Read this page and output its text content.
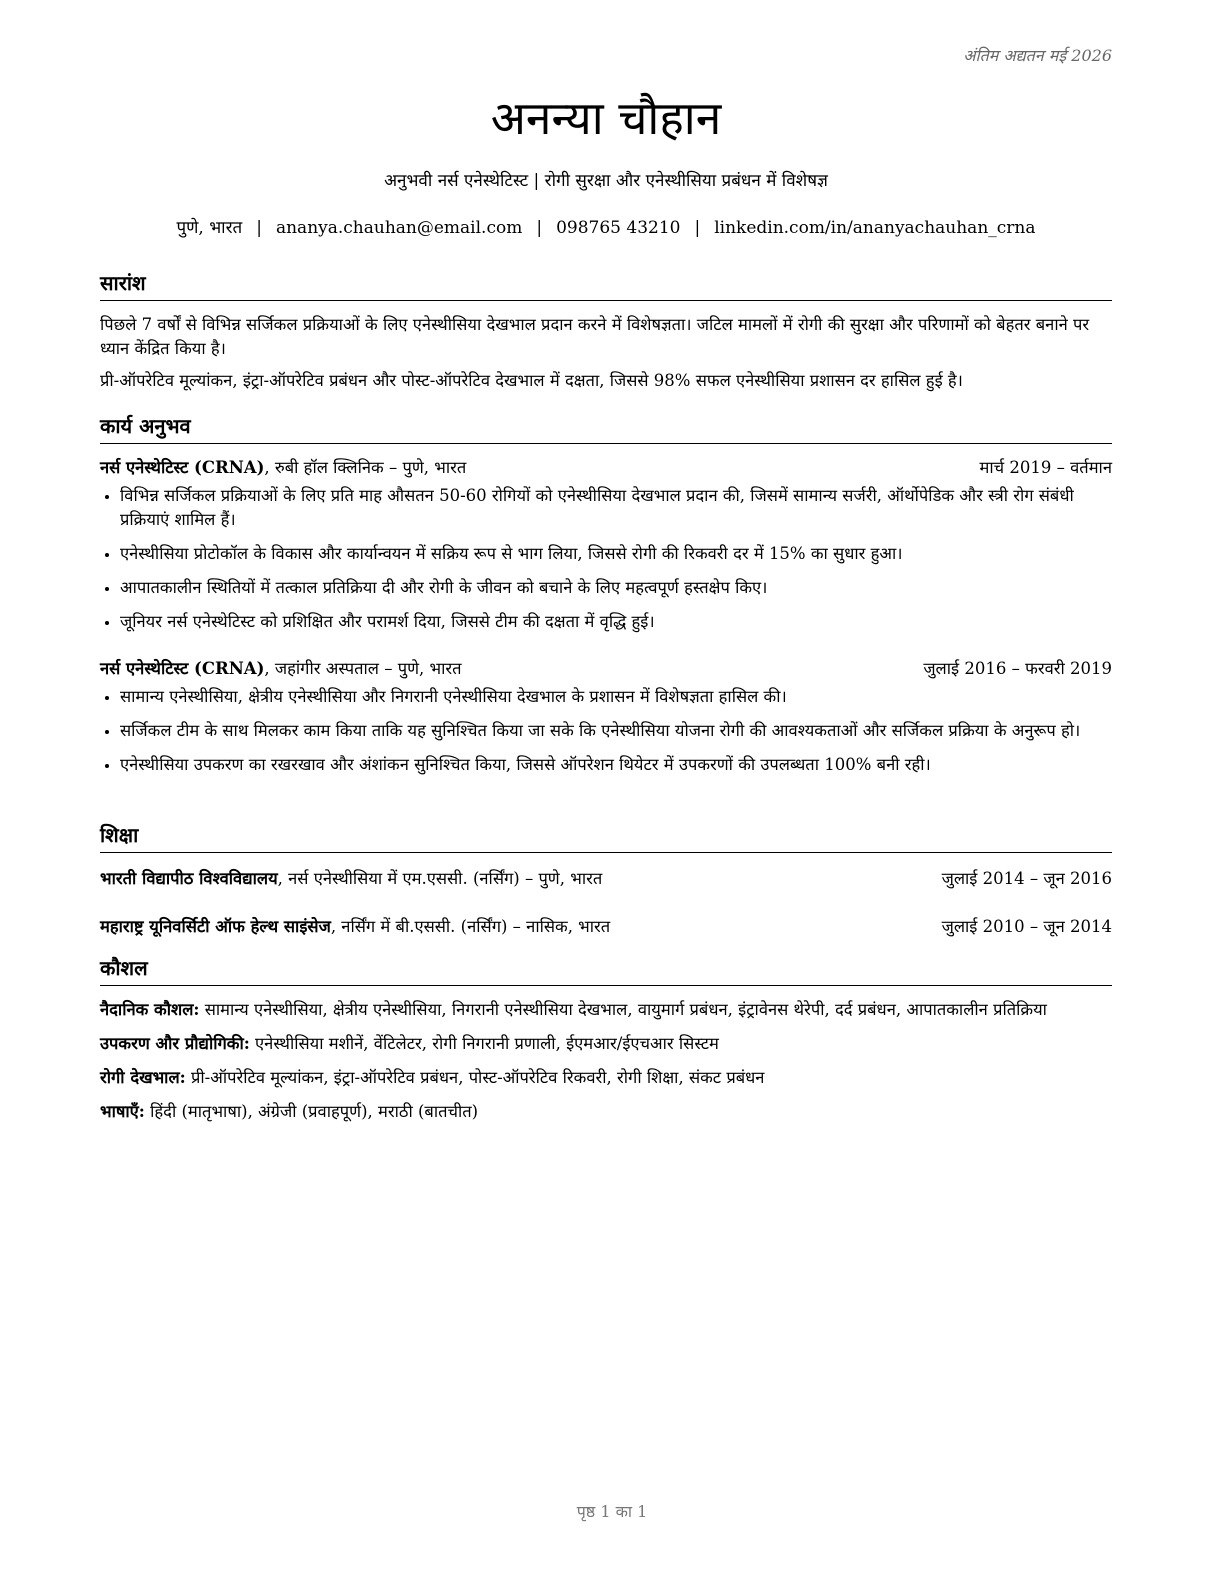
अंतिम अद्यतन मई 2026
अनन्या चौहान
अनुभवी नर्स एनेस्थेटिस्ट | रोगी सुरक्षा और एनेस्थीसिया प्रबंधन में विशेषज्ञ
पुणे, भारत | ananya.chauhan@email.com | 098765 43210 | linkedin.com/in/ananyachauhan_crna
सारांश

पिछले 7 वर्षों से विभिन्न सर्जिकल प्रक्रियाओं के लिए एनेस्थीसिया देखभाल प्रदान करने में विशेषज्ञता। जटिल मामलों में रोगी की सुरक्षा और परिणामों को बेहतर बनाने पर ध्यान केंद्रित किया है।

प्री-ऑपरेटिव मूल्यांकन, इंट्रा-ऑपरेटिव प्रबंधन और पोस्ट-ऑपरेटिव देखभाल में दक्षता, जिससे 98% सफल एनेस्थीसिया प्रशासन दर हासिल हुई है।

कार्य अनुभव
नर्स एनेस्थेटिस्ट (CRNA), रुबी हॉल क्लिनिक – पुणे, भारत	मार्च 2019 – वर्तमान
• विभिन्न सर्जिकल प्रक्रियाओं के लिए प्रति माह औसतन 50-60 रोगियों को एनेस्थीसिया देखभाल प्रदान की, जिसमें सामान्य सर्जरी, ऑर्थोपेडिक और स्त्री रोग संबंधी प्रक्रियाएं शामिल हैं।
• एनेस्थीसिया प्रोटोकॉल के विकास और कार्यान्वयन में सक्रिय रूप से भाग लिया, जिससे रोगी की रिकवरी दर में 15% का सुधार हुआ।
• आपातकालीन स्थितियों में तत्काल प्रतिक्रिया दी और रोगी के जीवन को बचाने के लिए महत्वपूर्ण हस्तक्षेप किए।
• जूनियर नर्स एनेस्थेटिस्ट को प्रशिक्षित और परामर्श दिया, जिससे टीम की दक्षता में वृद्धि हुई।
नर्स एनेस्थेटिस्ट (CRNA), जहांगीर अस्पताल – पुणे, भारत	जुलाई 2016 – फरवरी 2019
• सामान्य एनेस्थीसिया, क्षेत्रीय एनेस्थीसिया और निगरानी एनेस्थीसिया देखभाल के प्रशासन में विशेषज्ञता हासिल की।
• सर्जिकल टीम के साथ मिलकर काम किया ताकि यह सुनिश्चित किया जा सके कि एनेस्थीसिया योजना रोगी की आवश्यकताओं और सर्जिकल प्रक्रिया के अनुरूप हो।
• एनेस्थीसिया उपकरण का रखरखाव और अंशांकन सुनिश्चित किया, जिससे ऑपरेशन थियेटर में उपकरणों की उपलब्धता 100% बनी रही।
शिक्षा
भारती विद्यापीठ विश्वविद्यालय, नर्स एनेस्थीसिया में एम.एससी. (नर्सिंग) – पुणे, भारत	जुलाई 2014 – जून 2016
महाराष्ट्र यूनिवर्सिटी ऑफ हेल्थ साइंसेज, नर्सिंग में बी.एससी. (नर्सिंग) – नासिक, भारत	जुलाई 2010 – जून 2014
कौशल

नैदानिक कौशल: सामान्य एनेस्थीसिया, क्षेत्रीय एनेस्थीसिया, निगरानी एनेस्थीसिया देखभाल, वायुमार्ग प्रबंधन, इंट्रावेनस थेरेपी, दर्द प्रबंधन, आपातकालीन प्रतिक्रिया

उपकरण और प्रौद्योगिकी: एनेस्थीसिया मशीनें, वेंटिलेटर, रोगी निगरानी प्रणाली, ईएमआर/ईएचआर सिस्टम

रोगी देखभाल: प्री-ऑपरेटिव मूल्यांकन, इंट्रा-ऑपरेटिव प्रबंधन, पोस्ट-ऑपरेटिव रिकवरी, रोगी शिक्षा, संकट प्रबंधन

भाषाएँ: हिंदी (मातृभाषा), अंग्रेजी (प्रवाहपूर्ण), मराठी (बातचीत)

पृष्ठ 1 का 1
